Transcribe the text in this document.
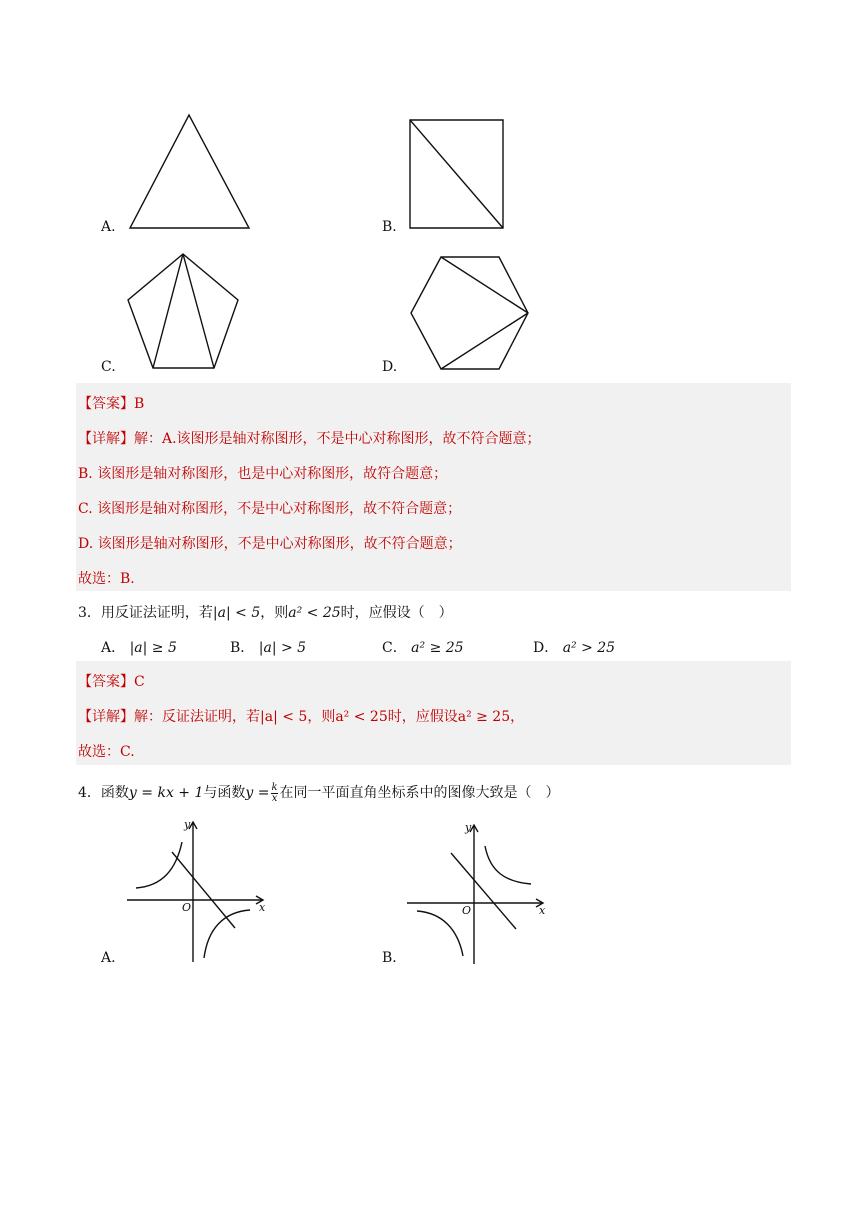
A.	B.
C.	D.
【答案】B
【详解】解：A.该图形是轴对称图形，不是中心对称图形，故不符合题意；
B. 该图形是轴对称图形，也是中心对称图形，故符合题意；
C. 该图形是轴对称图形，不是中心对称图形，故不符合题意；
D. 该图形是轴对称图形，不是中心对称图形，故不符合题意；
故选：B.
3．用反证法证明，若|a| < 5，则a² < 25时，应假设（　）
A． |a| ≥ 5	B． |a| > 5	C． a² ≥ 25	D． a² > 25
【答案】C
【详解】解：反证法证明，若|a| < 5，则a² < 25时，应假设a² ≥ 25，
故选：C.
4．函数y = kx + 1与函数$y = \frac{k}{x}$ 在同一平面直角坐标系中的图像大致是（　）
y
x
O
A.
y
x
O
B.
